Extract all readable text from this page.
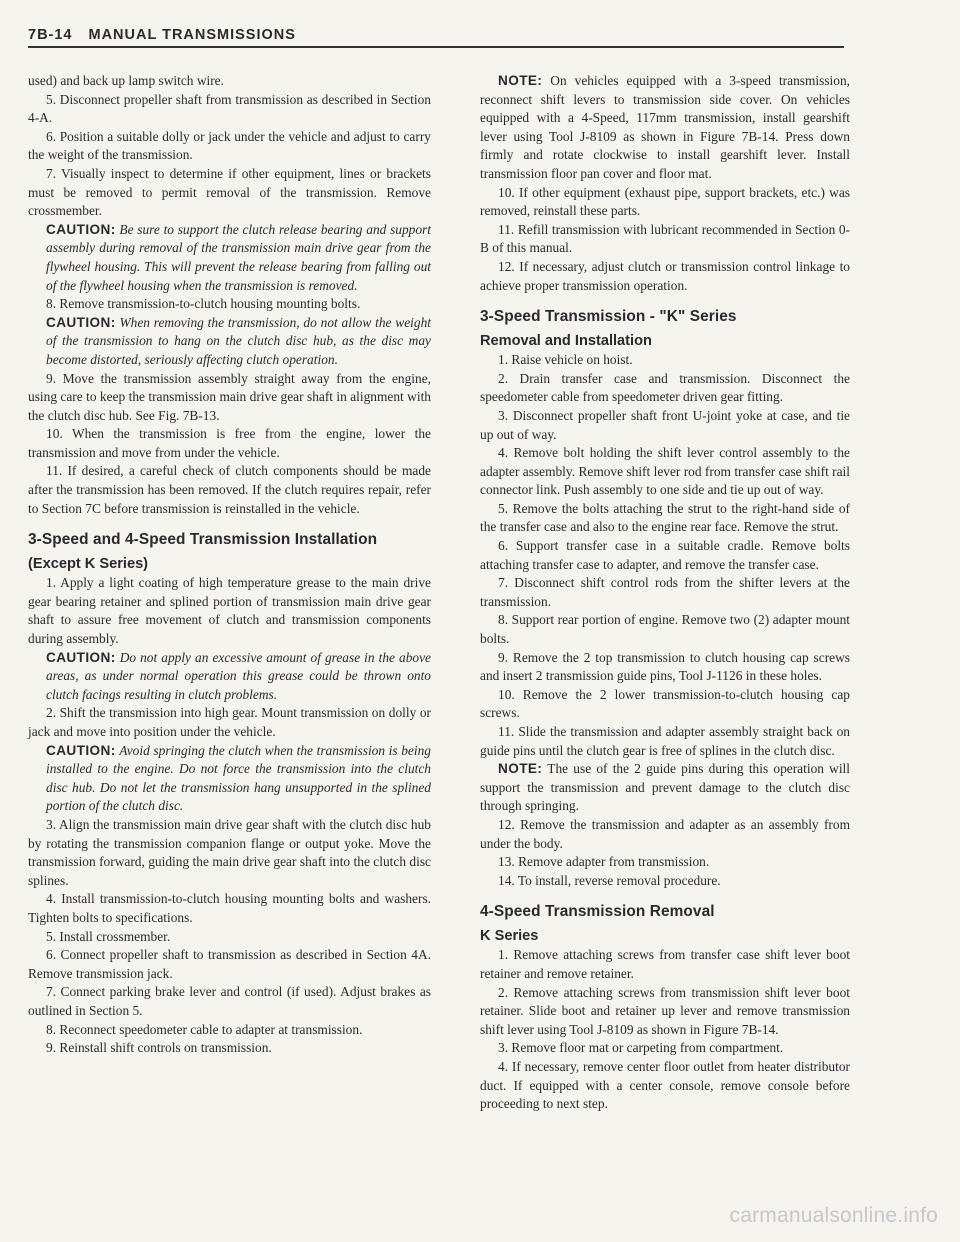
7B-14 MANUAL TRANSMISSIONS

used) and back up lamp switch wire.

5. Disconnect propeller shaft from transmission as described in Section 4-A.

6. Position a suitable dolly or jack under the vehicle and adjust to carry the weight of the transmission.

7. Visually inspect to determine if other equipment, lines or brackets must be removed to permit removal of the transmission. Remove crossmember.

CAUTION: Be sure to support the clutch release bearing and support assembly during removal of the transmission main drive gear from the flywheel housing. This will prevent the release bearing from falling out of the flywheel housing when the transmission is removed.

8. Remove transmission-to-clutch housing mounting bolts.

CAUTION: When removing the transmission, do not allow the weight of the transmission to hang on the clutch disc hub, as the disc may become distorted, seriously affecting clutch operation.

9. Move the transmission assembly straight away from the engine, using care to keep the transmission main drive gear shaft in alignment with the clutch disc hub. See Fig. 7B-13.

10. When the transmission is free from the engine, lower the transmission and move from under the vehicle.

11. If desired, a careful check of clutch components should be made after the transmission has been removed. If the clutch requires repair, refer to Section 7C before transmission is reinstalled in the vehicle.

3-Speed and 4-Speed Transmission Installation

(Except K Series)

1. Apply a light coating of high temperature grease to the main drive gear bearing retainer and splined portion of transmission main drive gear shaft to assure free movement of clutch and transmission components during assembly.

CAUTION: Do not apply an excessive amount of grease in the above areas, as under normal operation this grease could be thrown onto clutch facings resulting in clutch problems.

2. Shift the transmission into high gear. Mount transmission on dolly or jack and move into position under the vehicle.

CAUTION: Avoid springing the clutch when the transmission is being installed to the engine. Do not force the transmission into the clutch disc hub. Do not let the transmission hang unsupported in the splined portion of the clutch disc.

3. Align the transmission main drive gear shaft with the clutch disc hub by rotating the transmission companion flange or output yoke. Move the transmission forward, guiding the main drive gear shaft into the clutch disc splines.

4. Install transmission-to-clutch housing mounting bolts and washers. Tighten bolts to specifications.

5. Install crossmember.

6. Connect propeller shaft to transmission as described in Section 4A. Remove transmission jack.

7. Connect parking brake lever and control (if used). Adjust brakes as outlined in Section 5.

8. Reconnect speedometer cable to adapter at transmission.

9. Reinstall shift controls on transmission.

NOTE: On vehicles equipped with a 3-speed transmission, reconnect shift levers to transmission side cover. On vehicles equipped with a 4-Speed, 117mm transmission, install gearshift lever using Tool J-8109 as shown in Figure 7B-14. Press down firmly and rotate clockwise to install gearshift lever. Install transmission floor pan cover and floor mat.

10. If other equipment (exhaust pipe, support brackets, etc.) was removed, reinstall these parts.

11. Refill transmission with lubricant recommended in Section 0-B of this manual.

12. If necessary, adjust clutch or transmission control linkage to achieve proper transmission operation.

3-Speed Transmission - "K" Series

Removal and Installation

1. Raise vehicle on hoist.

2. Drain transfer case and transmission. Disconnect the speedometer cable from speedometer driven gear fitting.

3. Disconnect propeller shaft front U-joint yoke at case, and tie up out of way.

4. Remove bolt holding the shift lever control assembly to the adapter assembly. Remove shift lever rod from transfer case shift rail connector link. Push assembly to one side and tie up out of way.

5. Remove the bolts attaching the strut to the right-hand side of the transfer case and also to the engine rear face. Remove the strut.

6. Support transfer case in a suitable cradle. Remove bolts attaching transfer case to adapter, and remove the transfer case.

7. Disconnect shift control rods from the shifter levers at the transmission.

8. Support rear portion of engine. Remove two (2) adapter mount bolts.

9. Remove the 2 top transmission to clutch housing cap screws and insert 2 transmission guide pins, Tool J-1126 in these holes.

10. Remove the 2 lower transmission-to-clutch housing cap screws.

11. Slide the transmission and adapter assembly straight back on guide pins until the clutch gear is free of splines in the clutch disc.

NOTE: The use of the 2 guide pins during this operation will support the transmission and prevent damage to the clutch disc through springing.

12. Remove the transmission and adapter as an assembly from under the body.

13. Remove adapter from transmission.

14. To install, reverse removal procedure.

4-Speed Transmission Removal

K Series

1. Remove attaching screws from transfer case shift lever boot retainer and remove retainer.

2. Remove attaching screws from transmission shift lever boot retainer. Slide boot and retainer up lever and remove transmission shift lever using Tool J-8109 as shown in Figure 7B-14.

3. Remove floor mat or carpeting from compartment.

4. If necessary, remove center floor outlet from heater distributor duct. If equipped with a center console, remove console before proceeding to next step.

carmanualsonline.info
